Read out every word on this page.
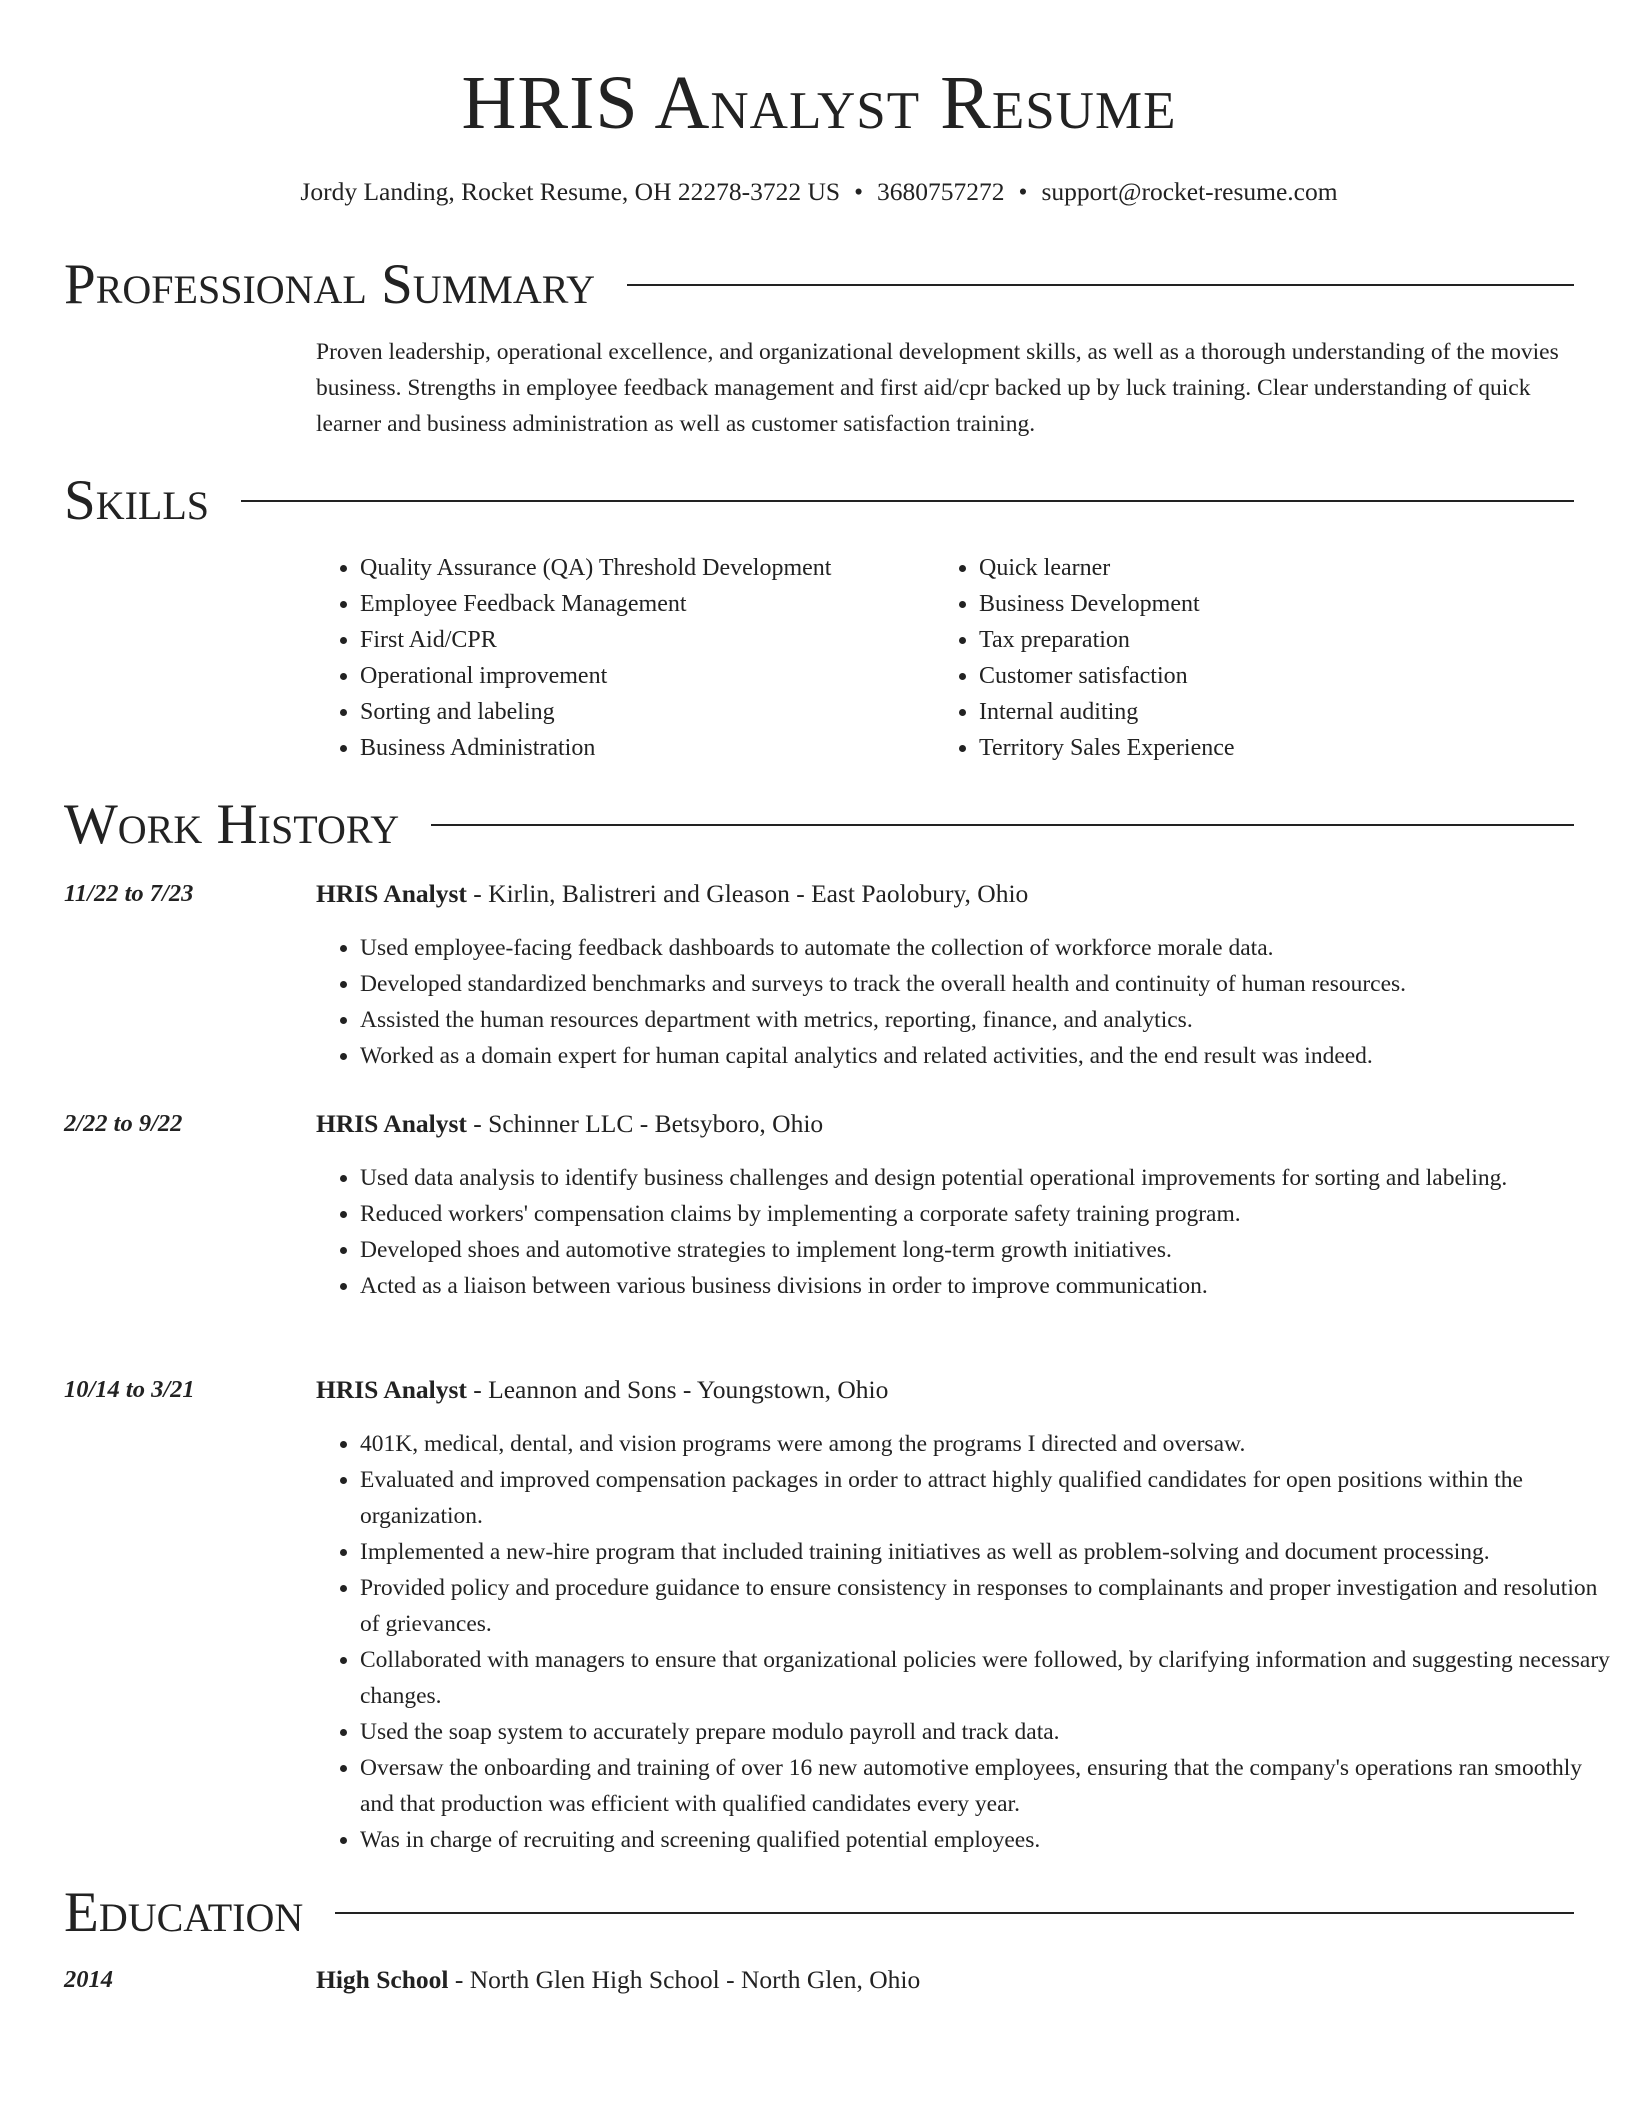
HRIS Analyst Resume
Jordy Landing, Rocket Resume, OH 22278-3722 US • 3680757272 • support@rocket-resume.com
Professional Summary

Proven leadership, operational excellence, and organizational development skills, as well as a thorough understanding of the movies business. Strengths in employee feedback management and first aid/cpr backed up by luck training. Clear understanding of quick learner and business administration as well as customer satisfaction training.

Skills
• Quality Assurance (QA) Threshold Development
• Employee Feedback Management
• First Aid/CPR
• Operational improvement
• Sorting and labeling
• Business Administration
• Quick learner
• Business Development
• Tax preparation
• Customer satisfaction
• Internal auditing
• Territory Sales Experience
Work History
11/22 to 7/23	HRIS Analyst - Kirlin, Balistreri and Gleason - East Paolobury, Ohio
• Used employee-facing feedback dashboards to automate the collection of workforce morale data.
• Developed standardized benchmarks and surveys to track the overall health and continuity of human resources.
• Assisted the human resources department with metrics, reporting, finance, and analytics.
• Worked as a domain expert for human capital analytics and related activities, and the end result was indeed.
2/22 to 9/22	HRIS Analyst - Schinner LLC - Betsyboro, Ohio
• Used data analysis to identify business challenges and design potential operational improvements for sorting and labeling.
• Reduced workers' compensation claims by implementing a corporate safety training program.
• Developed shoes and automotive strategies to implement long-term growth initiatives.
• Acted as a liaison between various business divisions in order to improve communication.
10/14 to 3/21	HRIS Analyst - Leannon and Sons - Youngstown, Ohio
• 401K, medical, dental, and vision programs were among the programs I directed and oversaw.
• Evaluated and improved compensation packages in order to attract highly qualified candidates for open positions within the organization.
• Implemented a new-hire program that included training initiatives as well as problem-solving and document processing.
• Provided policy and procedure guidance to ensure consistency in responses to complainants and proper investigation and resolution of grievances.
• Collaborated with managers to ensure that organizational policies were followed, by clarifying information and suggesting necessary changes.
• Used the soap system to accurately prepare modulo payroll and track data.
• Oversaw the onboarding and training of over 16 new automotive employees, ensuring that the company's operations ran smoothly and that production was efficient with qualified candidates every year.
• Was in charge of recruiting and screening qualified potential employees.
Education
2014	High School - North Glen High School - North Glen, Ohio
